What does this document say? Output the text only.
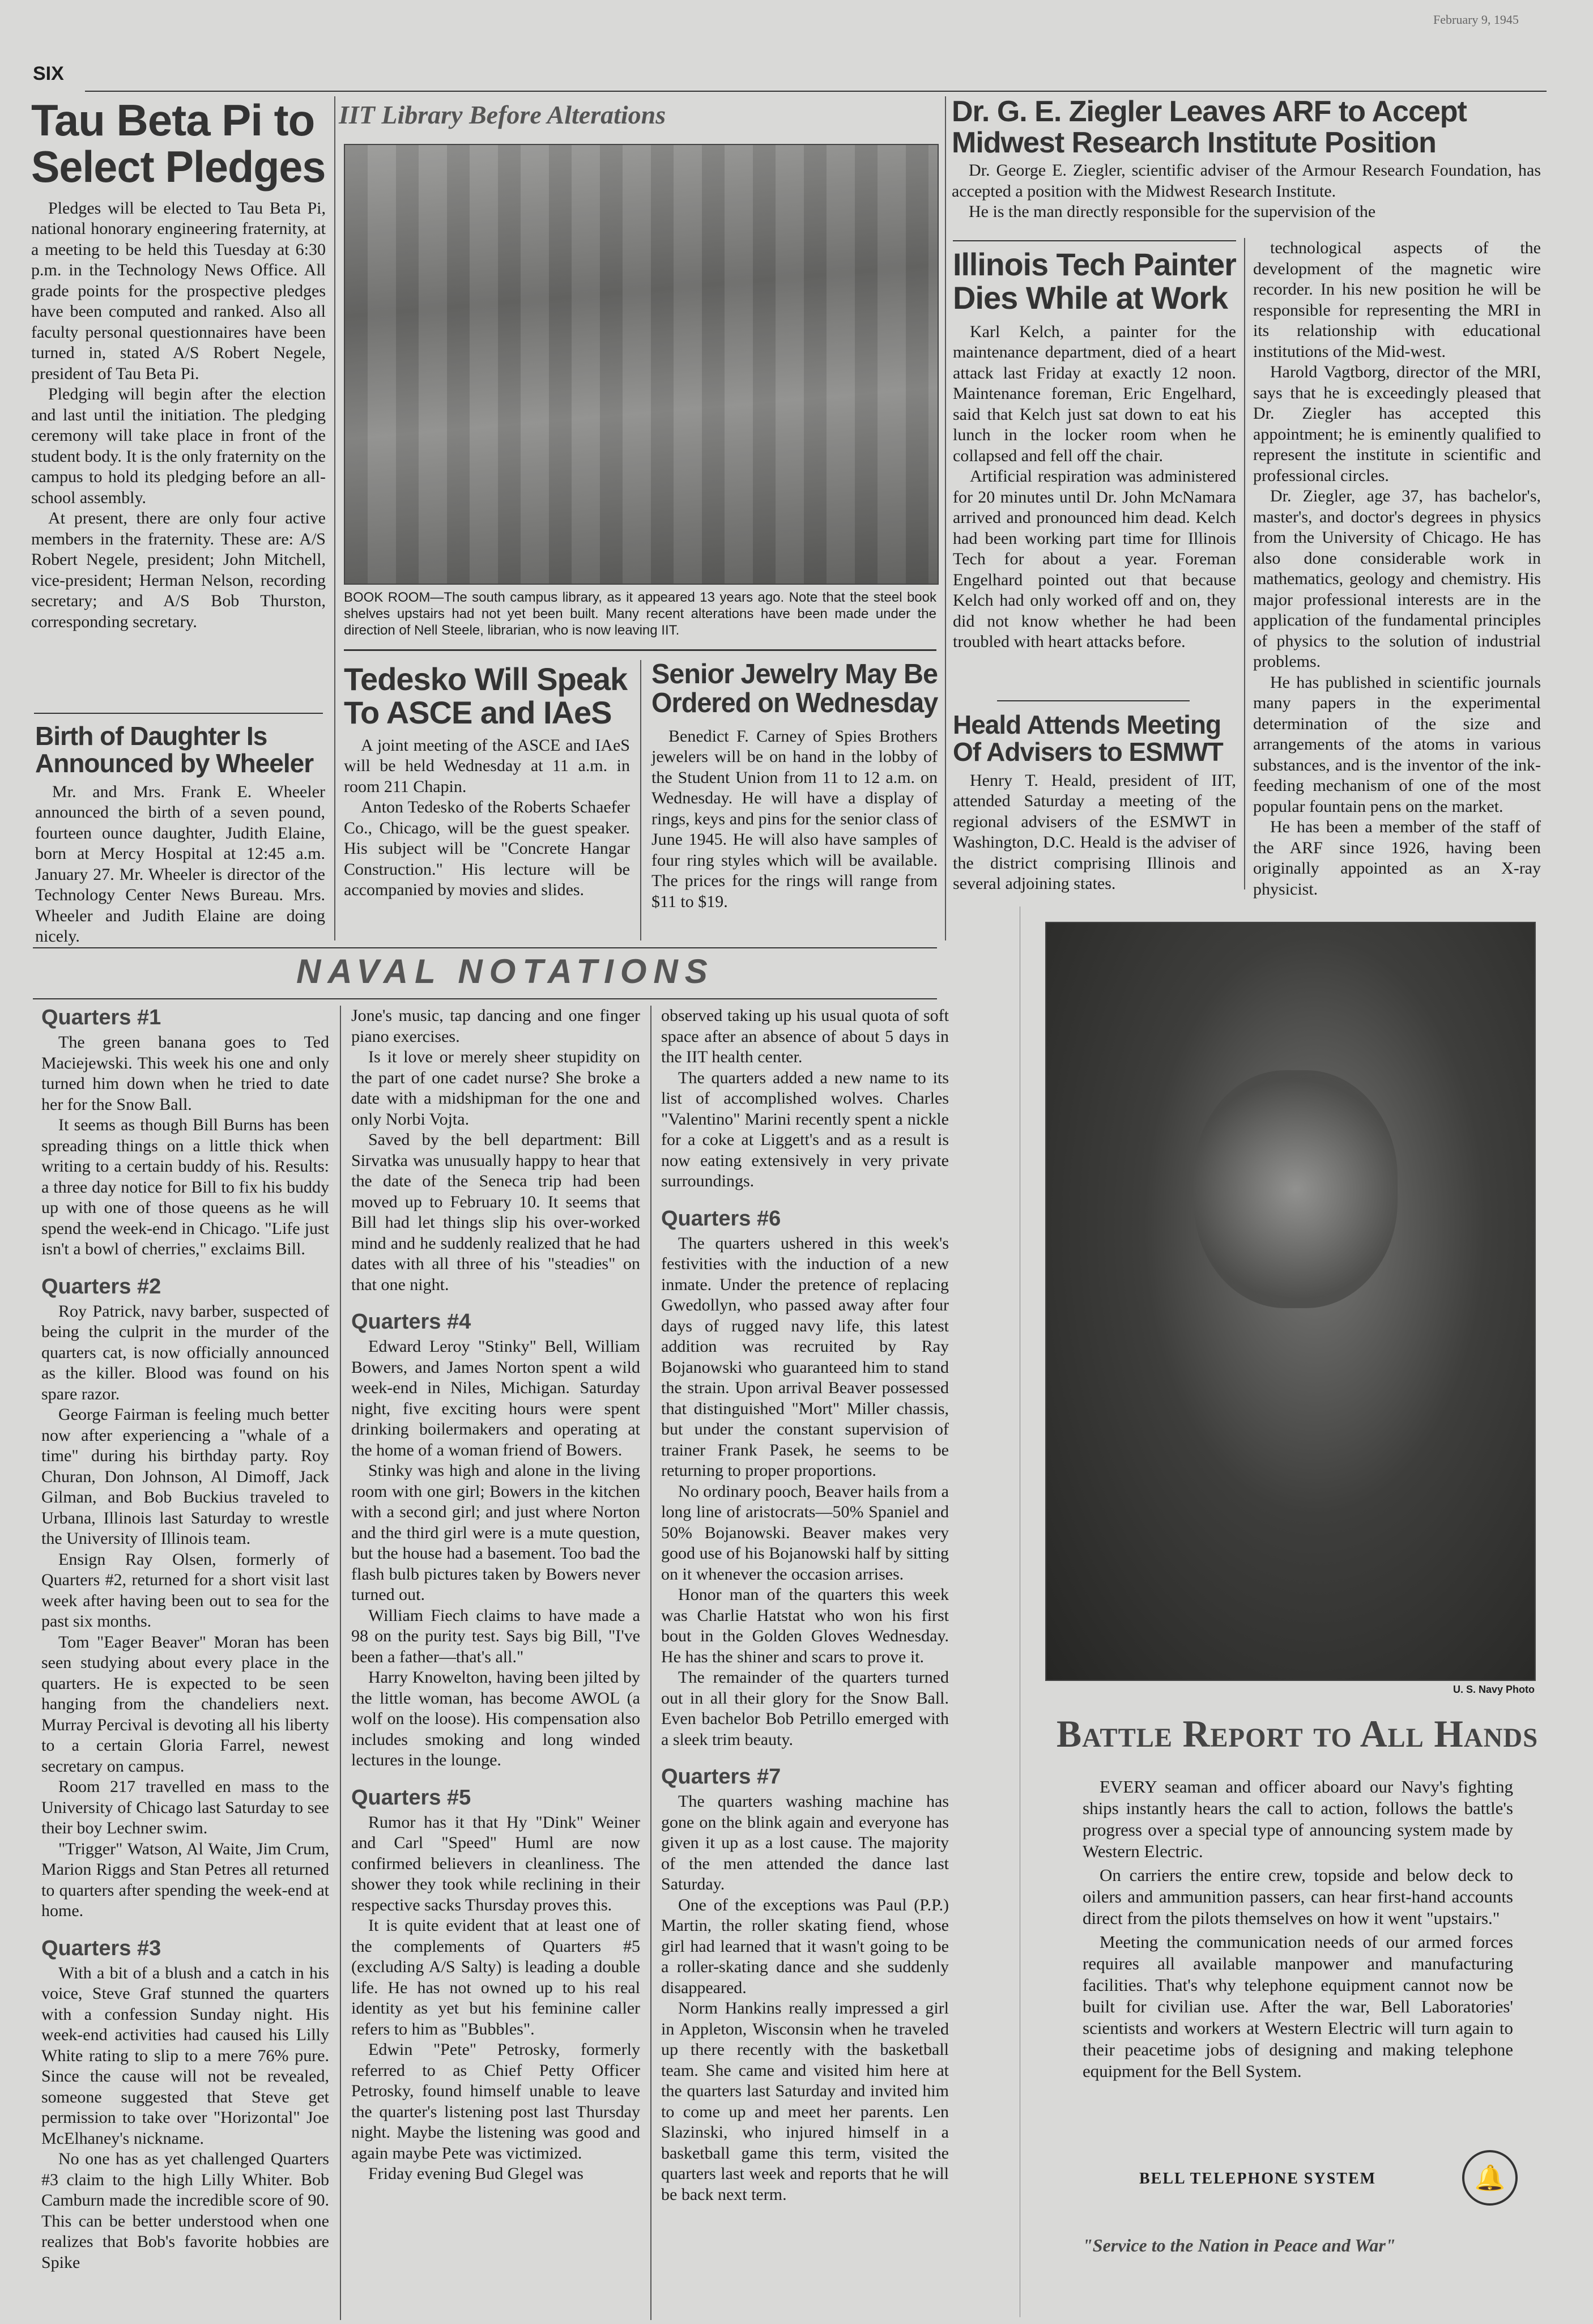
SIX
February 9, 1945
Tau Beta Pi to
Select Pledges

Pledges will be elected to Tau Beta Pi, national honorary engineering fraternity, at a meeting to be held this Tuesday at 6:30 p.m. in the Technology News Office. All grade points for the prospective pledges have been computed and ranked. Also all faculty personal questionnaires have been turned in, stated A/S Robert Negele, president of Tau Beta Pi.

Pledging will begin after the election and last until the initiation. The pledging ceremony will take place in front of the student body. It is the only fraternity on the campus to hold its pledging before an all-school assembly.

At present, there are only four active members in the fraternity. These are: A/S Robert Negele, president; John Mitchell, vice-president; Herman Nelson, recording secretary; and A/S Bob Thurston, corresponding secretary.

Birth of Daughter Is
Announced by Wheeler

Mr. and Mrs. Frank E. Wheeler announced the birth of a seven pound, fourteen ounce daughter, Judith Elaine, born at Mercy Hospital at 12:45 a.m. January 27. Mr. Wheeler is director of the Technology Center News Bureau. Mrs. Wheeler and Judith Elaine are doing nicely.

IIT Library Before Alterations
BOOK ROOM—The south campus library, as it appeared 13 years ago. Note that the steel book shelves upstairs had not yet been built. Many recent alterations have been made under the direction of Nell Steele, librarian, who is now leaving IIT.
Tedesko Will Speak
To ASCE and IAeS

A joint meeting of the ASCE and IAeS will be held Wednesday at 11 a.m. in room 211 Chapin.

Anton Tedesko of the Roberts Schaefer Co., Chicago, will be the guest speaker. His subject will be "Concrete Hangar Construction." His lecture will be accompanied by movies and slides.

Senior Jewelry May Be
Ordered on Wednesday

Benedict F. Carney of Spies Brothers jewelers will be on hand in the lobby of the Student Union from 11 to 12 a.m. on Wednesday. He will have a display of rings, keys and pins for the senior class of June 1945. He will also have samples of four ring styles which will be available. The prices for the rings will range from $11 to $19.

Dr. G. E. Ziegler Leaves ARF to Accept
Midwest Research Institute Position

Dr. George E. Ziegler, scientific adviser of the Armour Research Foundation, has accepted a position with the Midwest Research Institute.

He is the man directly responsible for the supervision of the

technological aspects of the development of the magnetic wire recorder. In his new position he will be responsible for representing the MRI in its relationship with educational institutions of the Mid-west.

Harold Vagtborg, director of the MRI, says that he is exceedingly pleased that Dr. Ziegler has accepted this appointment; he is eminently qualified to represent the institute in scientific and professional circles.

Dr. Ziegler, age 37, has bachelor's, master's, and doctor's degrees in physics from the University of Chicago. He has also done considerable work in mathematics, geology and chemistry. His major professional interests are in the application of the fundamental principles of physics to the solution of industrial problems.

He has published in scientific journals many papers in the experimental determination of the size and arrangements of the atoms in various substances, and is the inventor of the ink-feeding mechanism of one of the most popular fountain pens on the market.

He has been a member of the staff of the ARF since 1926, having been originally appointed as an X-ray physicist.

Illinois Tech Painter
Dies While at Work

Karl Kelch, a painter for the maintenance department, died of a heart attack last Friday at exactly 12 noon. Maintenance foreman, Eric Engelhard, said that Kelch just sat down to eat his lunch in the locker room when he collapsed and fell off the chair.

Artificial respiration was administered for 20 minutes until Dr. John McNamara arrived and pronounced him dead. Kelch had been working part time for Illinois Tech for about a year. Foreman Engelhard pointed out that because Kelch had only worked off and on, they did not know whether he had been troubled with heart attacks before.

Heald Attends Meeting
Of Advisers to ESMWT

Henry T. Heald, president of IIT, attended Saturday a meeting of the regional advisers of the ESMWT in Washington, D.C. Heald is the adviser of the district comprising Illinois and several adjoining states.

NAVAL NOTATIONS
Quarters #1

The green banana goes to Ted Maciejewski. This week his one and only turned him down when he tried to date her for the Snow Ball.

It seems as though Bill Burns has been spreading things on a little thick when writing to a certain buddy of his. Results: a three day notice for Bill to fix his buddy up with one of those queens as he will spend the week-end in Chicago. "Life just isn't a bowl of cherries," exclaims Bill.

Quarters #2

Roy Patrick, navy barber, suspected of being the culprit in the murder of the quarters cat, is now officially announced as the killer. Blood was found on his spare razor.

George Fairman is feeling much better now after experiencing a "whale of a time" during his birthday party. Roy Churan, Don Johnson, Al Dimoff, Jack Gilman, and Bob Buckius traveled to Urbana, Illinois last Saturday to wrestle the University of Illinois team.

Ensign Ray Olsen, formerly of Quarters #2, returned for a short visit last week after having been out to sea for the past six months.

Tom "Eager Beaver" Moran has been seen studying about every place in the quarters. He is expected to be seen hanging from the chandeliers next. Murray Percival is devoting all his liberty to a certain Gloria Farrel, newest secretary on campus.

Room 217 travelled en mass to the University of Chicago last Saturday to see their boy Lechner swim.

"Trigger" Watson, Al Waite, Jim Crum, Marion Riggs and Stan Petres all returned to quarters after spending the week-end at home.

Quarters #3

With a bit of a blush and a catch in his voice, Steve Graf stunned the quarters with a confession Sunday night. His week-end activities had caused his Lilly White rating to slip to a mere 76% pure. Since the cause will not be revealed, someone suggested that Steve get permission to take over "Horizontal" Joe McElhaney's nickname.

No one has as yet challenged Quarters #3 claim to the high Lilly Whiter. Bob Camburn made the incredible score of 90. This can be better understood when one realizes that Bob's favorite hobbies are Spike

Jone's music, tap dancing and one finger piano exercises.

Is it love or merely sheer stupidity on the part of one cadet nurse? She broke a date with a midshipman for the one and only Norbi Vojta.

Saved by the bell department: Bill Sirvatka was unusually happy to hear that the date of the Seneca trip had been moved up to February 10. It seems that Bill had let things slip his over-worked mind and he suddenly realized that he had dates with all three of his "steadies" on that one night.

Quarters #4

Edward Leroy "Stinky" Bell, William Bowers, and James Norton spent a wild week-end in Niles, Michigan. Saturday night, five exciting hours were spent drinking boilermakers and operating at the home of a woman friend of Bowers.

Stinky was high and alone in the living room with one girl; Bowers in the kitchen with a second girl; and just where Norton and the third girl were is a mute question, but the house had a basement. Too bad the flash bulb pictures taken by Bowers never turned out.

William Fiech claims to have made a 98 on the purity test. Says big Bill, "I've been a father—that's all."

Harry Knowelton, having been jilted by the little woman, has become AWOL (a wolf on the loose). His compensation also includes smoking and long winded lectures in the lounge.

Quarters #5

Rumor has it that Hy "Dink" Weiner and Carl "Speed" Huml are now confirmed believers in cleanliness. The shower they took while reclining in their respective sacks Thursday proves this.

It is quite evident that at least one of the complements of Quarters #5 (excluding A/S Salty) is leading a double life. He has not owned up to his real identity as yet but his feminine caller refers to him as "Bubbles".

Edwin "Pete" Petrosky, formerly referred to as Chief Petty Officer Petrosky, found himself unable to leave the quarter's listening post last Thursday night. Maybe the listening was good and again maybe Pete was victimized.

Friday evening Bud Glegel was

observed taking up his usual quota of soft space after an absence of about 5 days in the IIT health center.

The quarters added a new name to its list of accomplished wolves. Charles "Valentino" Marini recently spent a nickle for a coke at Liggett's and as a result is now eating extensively in very private surroundings.

Quarters #6

The quarters ushered in this week's festivities with the induction of a new inmate. Under the pretence of replacing Gwedollyn, who passed away after four days of rugged navy life, this latest addition was recruited by Ray Bojanowski who guaranteed him to stand the strain. Upon arrival Beaver possessed that distinguished "Mort" Miller chassis, but under the constant supervision of trainer Frank Pasek, he seems to be returning to proper proportions.

No ordinary pooch, Beaver hails from a long line of aristocrats—50% Spaniel and 50% Bojanowski. Beaver makes very good use of his Bojanowski half by sitting on it whenever the occasion arrises.

Honor man of the quarters this week was Charlie Hatstat who won his first bout in the Golden Gloves Wednesday. He has the shiner and scars to prove it.

The remainder of the quarters turned out in all their glory for the Snow Ball. Even bachelor Bob Petrillo emerged with a sleek trim beauty.

Quarters #7

The quarters washing machine has gone on the blink again and everyone has given it up as a lost cause. The majority of the men attended the dance last Saturday.

One of the exceptions was Paul (P.P.) Martin, the roller skating fiend, whose girl had learned that it wasn't going to be a roller-skating dance and she suddenly disappeared.

Norm Hankins really impressed a girl in Appleton, Wisconsin when he traveled up there recently with the basketball team. She came and visited him here at the quarters last Saturday and invited him to come up and meet her parents. Len Slazinski, who injured himself in a basketball game this term, visited the quarters last week and reports that he will be back next term.

U. S. Navy Photo
Battle Report to All Hands

EVERY seaman and officer aboard our Navy's fighting ships instantly hears the call to action, follows the battle's progress over a special type of announcing system made by Western Electric.

On carriers the entire crew, topside and below deck to oilers and ammunition passers, can hear first-hand accounts direct from the pilots themselves on how it went "upstairs."

Meeting the communication needs of our armed forces requires all available manpower and manufacturing facilities. That's why telephone equipment cannot now be built for civilian use. After the war, Bell Laboratories' scientists and workers at Western Electric will turn again to their peacetime jobs of designing and making telephone equipment for the Bell System.

BELL TELEPHONE SYSTEM	🔔
"Service to the Nation in Peace and War"
